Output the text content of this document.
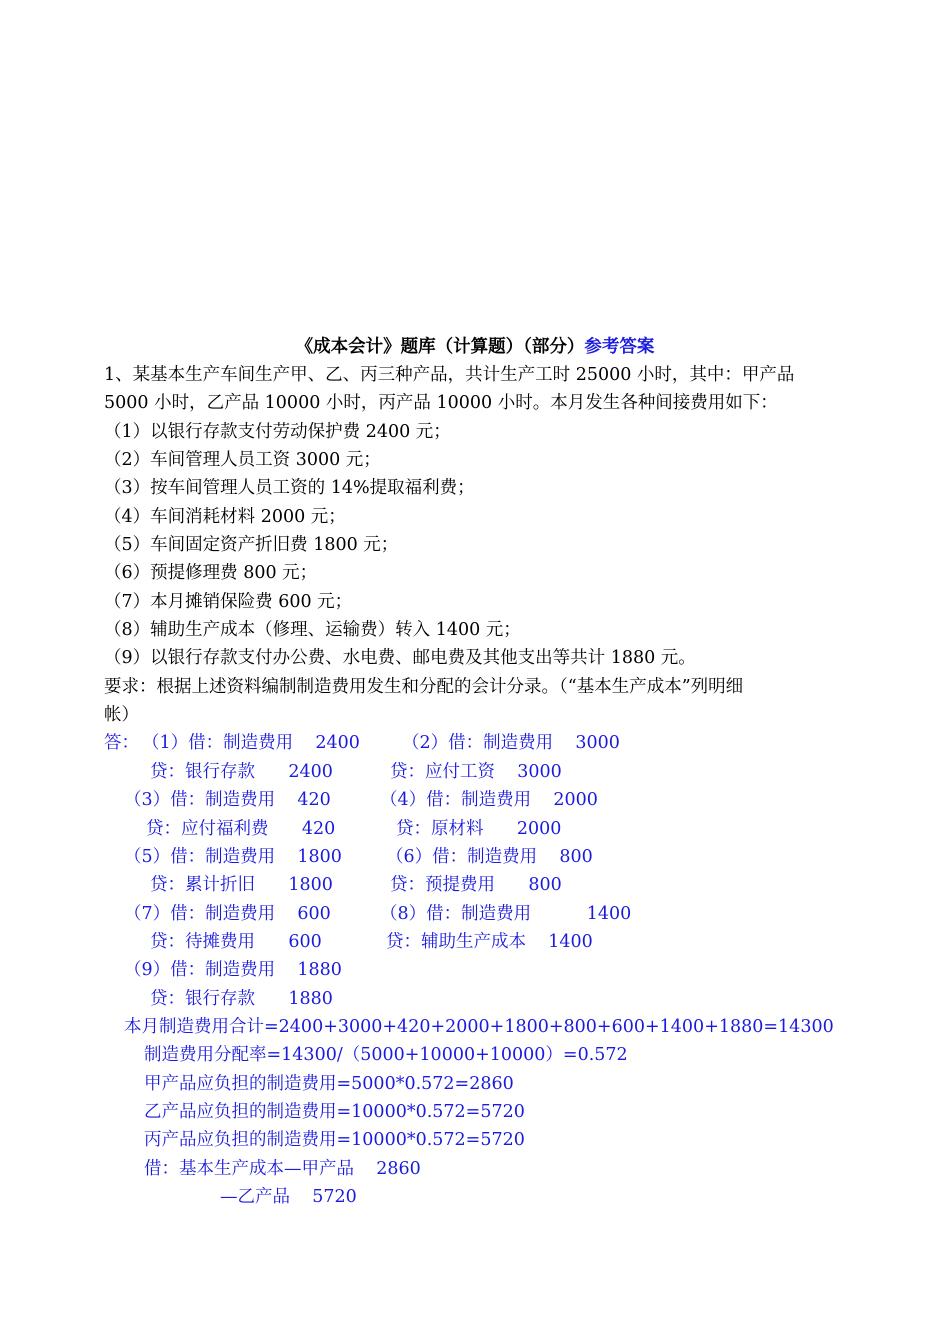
《成本会计》题库（计算题）（部分）参考答案
1、某基本生产车间生产甲、乙、丙三种产品，共计生产工时 25000 小时，其中：甲产品
5000 小时，乙产品 10000 小时，丙产品 10000 小时。本月发生各种间接费用如下：
（1）以银行存款支付劳动保护费 2400 元；
（2）车间管理人员工资 3000 元；
（3）按车间管理人员工资的 14%提取福利费；
（4）车间消耗材料 2000 元；
（5）车间固定资产折旧费 1800 元；
（6）预提修理费 800 元；
（7）本月摊销保险费 600 元；
（8）辅助生产成本（修理、运输费）转入 1400 元；
（9）以银行存款支付办公费、水电费、邮电费及其他支出等共计 1880 元。
要求：根据上述资料编制制造费用发生和分配的会计分录。（“基本生产成本”列明细
帐）
答： （1）借：制造费用    2400 （2）借：制造费用    3000
贷：银行存款      2400	贷：应付工资    3000
（3）借：制造费用    420	（4）借：制造费用    2000
贷：应付福利费      420	贷：原材料      2000
（5）借：制造费用    1800	（6）借：制造费用    800
贷：累计折旧      1800	贷：预提费用      800
（7）借：制造费用    600	（8）借：制造费用          1400
贷：待摊费用      600	贷：辅助生产成本    1400
（9）借：制造费用    1880
贷：银行存款      1880
本月制造费用合计=2400+3000+420+2000+1800+800+600+1400+1880=14300
制造费用分配率=14300/（5000+10000+10000）=0.572
甲产品应负担的制造费用=5000*0.572=2860
乙产品应负担的制造费用=10000*0.572=5720
丙产品应负担的制造费用=10000*0.572=5720
借：基本生产成本—甲产品    2860
—乙产品    5720
